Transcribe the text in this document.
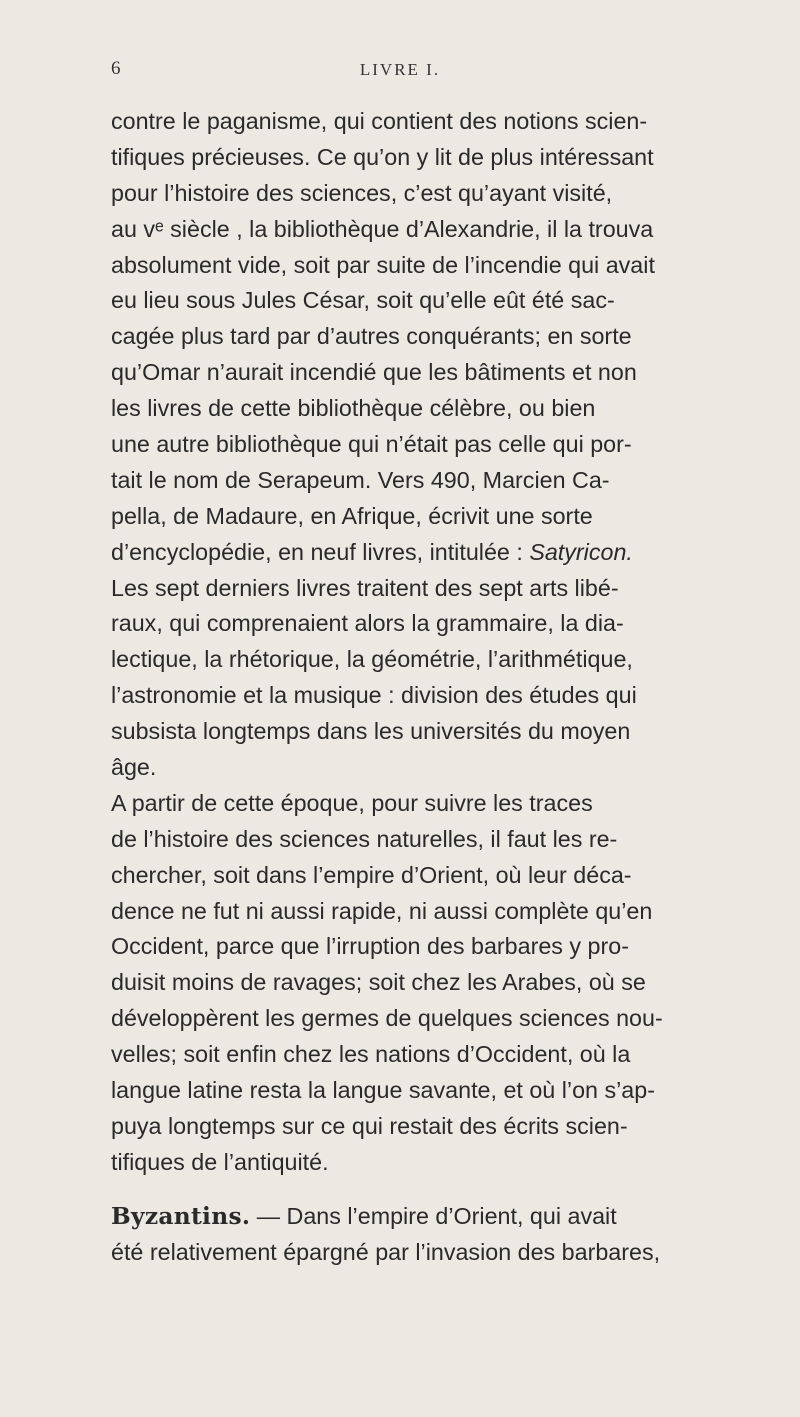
6	LIVRE I.
contre le paganisme, qui contient des notions scien-
tifiques précieuses. Ce qu’on y lit de plus intéressant
pour l’histoire des sciences, c’est qu’ayant visité,
au vᵉ siècle , la bibliothèque d’Alexandrie, il la trouva
absolument vide, soit par suite de l’incendie qui avait
eu lieu sous Jules César, soit qu’elle eût été sac-
cagée plus tard par d’autres conquérants; en sorte
qu’Omar n’aurait incendié que les bâtiments et non
les livres de cette bibliothèque célèbre, ou bien
une autre bibliothèque qui n’était pas celle qui por-
tait le nom de Serapeum. Vers 490, Marcien Ca-
pella, de Madaure, en Afrique, écrivit une sorte
d’encyclopédie, en neuf livres, intitulée : Satyricon.
Les sept derniers livres traitent des sept arts libé-
raux, qui comprenaient alors la grammaire, la dia-
lectique, la rhétorique, la géométrie, l’arithmétique,
l’astronomie et la musique : division des études qui
subsista longtemps dans les universités du moyen
âge.
A partir de cette époque, pour suivre les traces
de l’histoire des sciences naturelles, il faut les re-
chercher, soit dans l’empire d’Orient, où leur déca-
dence ne fut ni aussi rapide, ni aussi complète qu’en
Occident, parce que l’irruption des barbares y pro-
duisit moins de ravages; soit chez les Arabes, où se
développèrent les germes de quelques sciences nou-
velles; soit enfin chez les nations d’Occident, où la
langue latine resta la langue savante, et où l’on s’ap-
puya longtemps sur ce qui restait des écrits scien-
tifiques de l’antiquité.
Byzantins. — Dans l’empire d’Orient, qui avait
été relativement épargné par l’invasion des barbares,
